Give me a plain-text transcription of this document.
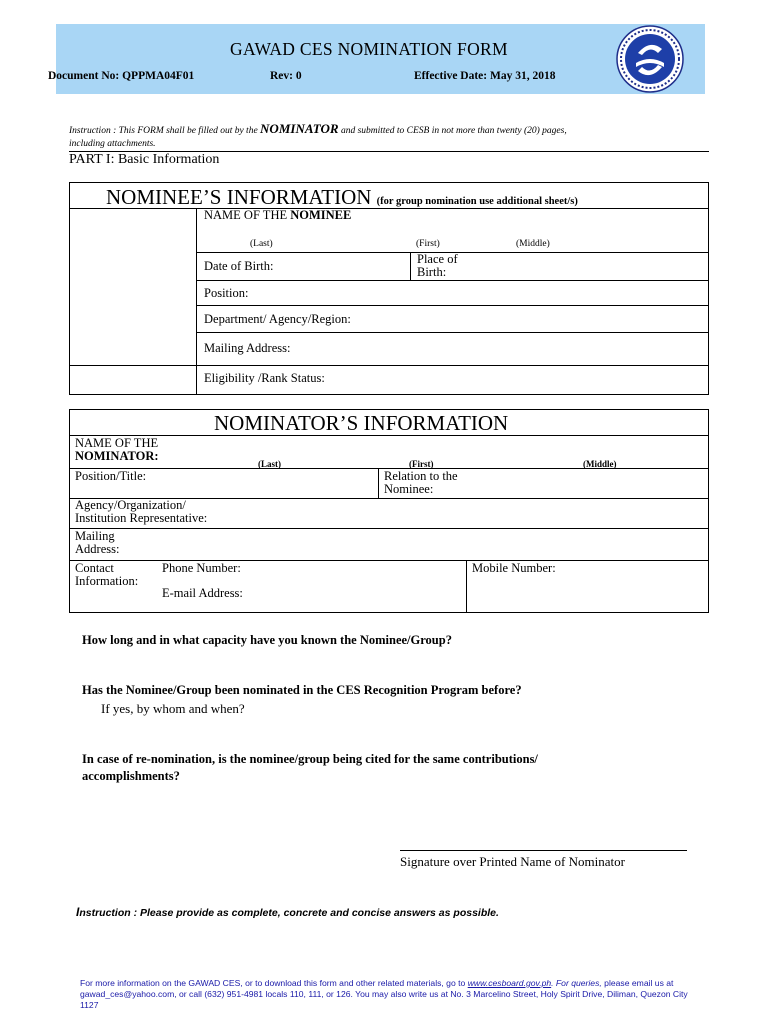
GAWAD CES NOMINATION FORM
Document No: QPPMA04F01	Rev: 0	Effective Date: May 31, 2018
Instruction : This FORM shall be filled out by the NOMINATOR and submitted to CESB in not more than twenty (20) pages,
including attachments.
PART I: Basic Information
NOMINEE’S INFORMATION (for group nomination use additional sheet/s)
NAME OF THE NOMINEE
(Last)	(First)	(Middle)
Date of Birth:	Place of
Birth:
Position:
Department/ Agency/Region:
Mailing Address:
Eligibility /Rank Status:
NOMINATOR’S INFORMATION
NAME OF THE
NOMINATOR:
(Last)	(First)	(Middle)
Position/Title:	Relation to the
Nominee:
Agency/Organization/
Institution Representative:
Mailing
Address:
Contact
Information:
Phone Number:
E-mail Address:
Mobile Number:
How long and in what capacity have you known the Nominee/Group?
Has the Nominee/Group been nominated in the CES Recognition Program before?
If yes, by whom and when?
In case of re-nomination, is the nominee/group being cited for the same contributions/
accomplishments?
Signature over Printed Name of Nominator
Instruction : Please provide as complete, concrete and concise answers as possible.
For more information on the GAWAD CES, or to download this form and other related materials, go to www.cesboard.gov.ph. For queries, please email us at gawad_ces@yahoo.com, or call (632) 951-4981 locals 110, 111, or 126. You may also write us at No. 3 Marcelino Street, Holy Spirit Drive, Diliman, Quezon City 1127
